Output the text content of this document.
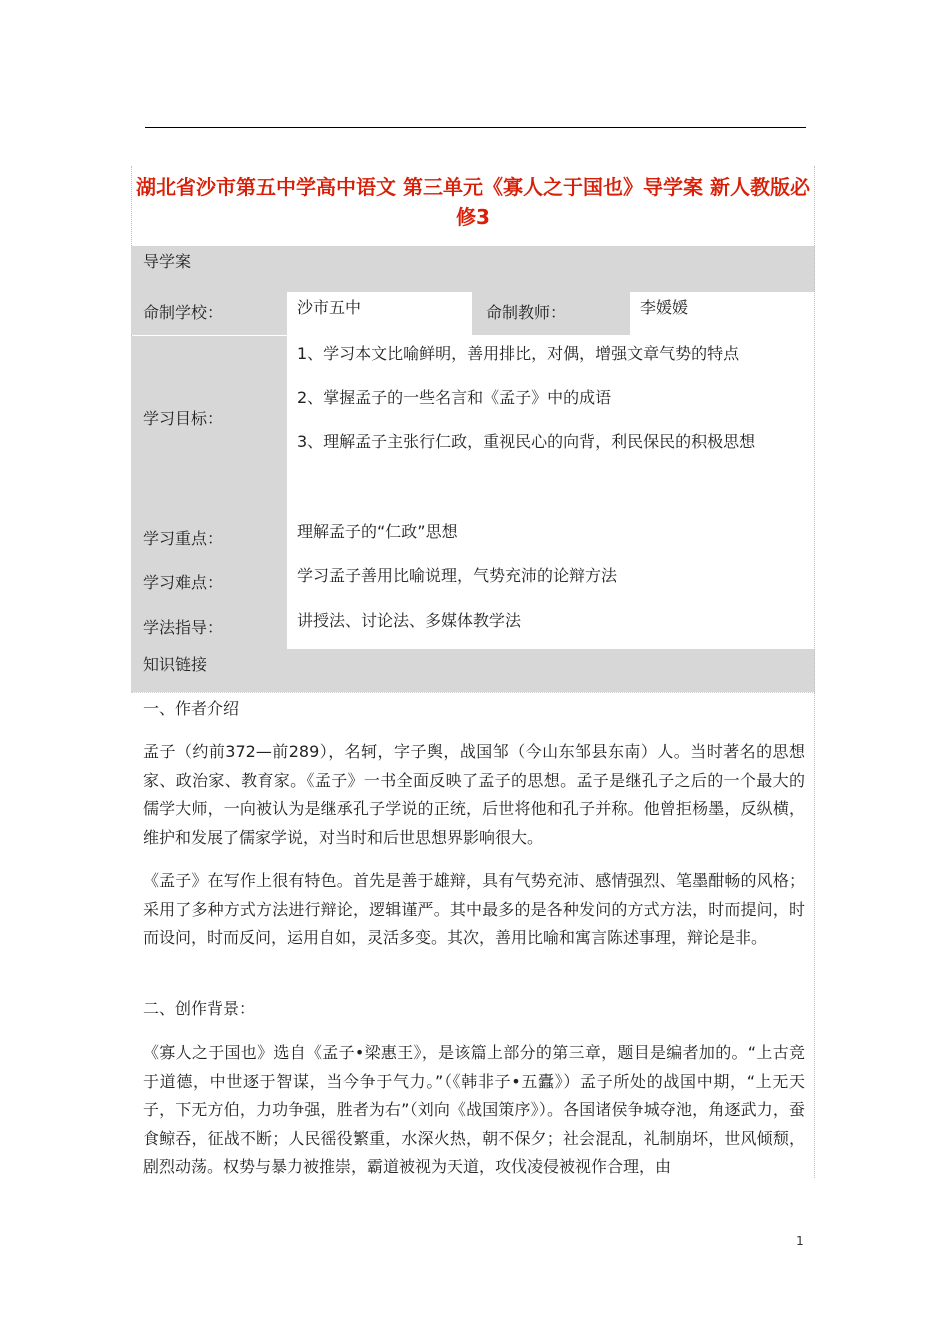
湖北省沙市第五中学高中语文 第三单元《寡人之于国也》导学案 新人教版必修3
导学案
命制学校：	沙市五中	命制教师：	李媛媛
学习目标：
1、学习本文比喻鲜明，善用排比，对偶，增强文章气势的特点
2、掌握孟子的一些名言和《孟子》中的成语
3、理解孟子主张行仁政，重视民心的向背，利民保民的积极思想
学习重点：	理解孟子的“仁政”思想
学习难点：	学习孟子善用比喻说理，气势充沛的论辩方法
学法指导：	讲授法、讨论法、多媒体教学法
知识链接
一、作者介绍
孟子（约前372—前289），名轲，字子舆，战国邹（今山东邹县东南）人。当时著名的思想家、政治家、教育家。《孟子》一书全面反映了孟子的思想。孟子是继孔子之后的一个最大的儒学大师，一向被认为是继承孔子学说的正统，后世将他和孔子并称。他曾拒杨墨，反纵横，维护和发展了儒家学说，对当时和后世思想界影响很大。
《孟子》在写作上很有特色。首先是善于雄辩，具有气势充沛、感情强烈、笔墨酣畅的风格；采用了多种方式方法进行辩论，逻辑谨严。其中最多的是各种发问的方式方法，时而提问，时而设问，时而反问，运用自如，灵活多变。其次，善用比喻和寓言陈述事理，辩论是非。
二、创作背景：
《寡人之于国也》选自《孟子•梁惠王》，是该篇上部分的第三章，题目是编者加的。“上古竞于道德，中世逐于智谋，当今争于气力。”（《韩非子•五蠹》）孟子所处的战国中期，“上无天子，下无方伯，力功争强，胜者为右”（刘向《战国策序》）。各国诸侯争城夺池，角逐武力，蚕食鲸吞，征战不断；人民徭役繁重，水深火热，朝不保夕；社会混乱，礼制崩坏，世风倾颓，剧烈动荡。权势与暴力被推崇，霸道被视为天道，攻伐凌侵被视作合理，由
1
